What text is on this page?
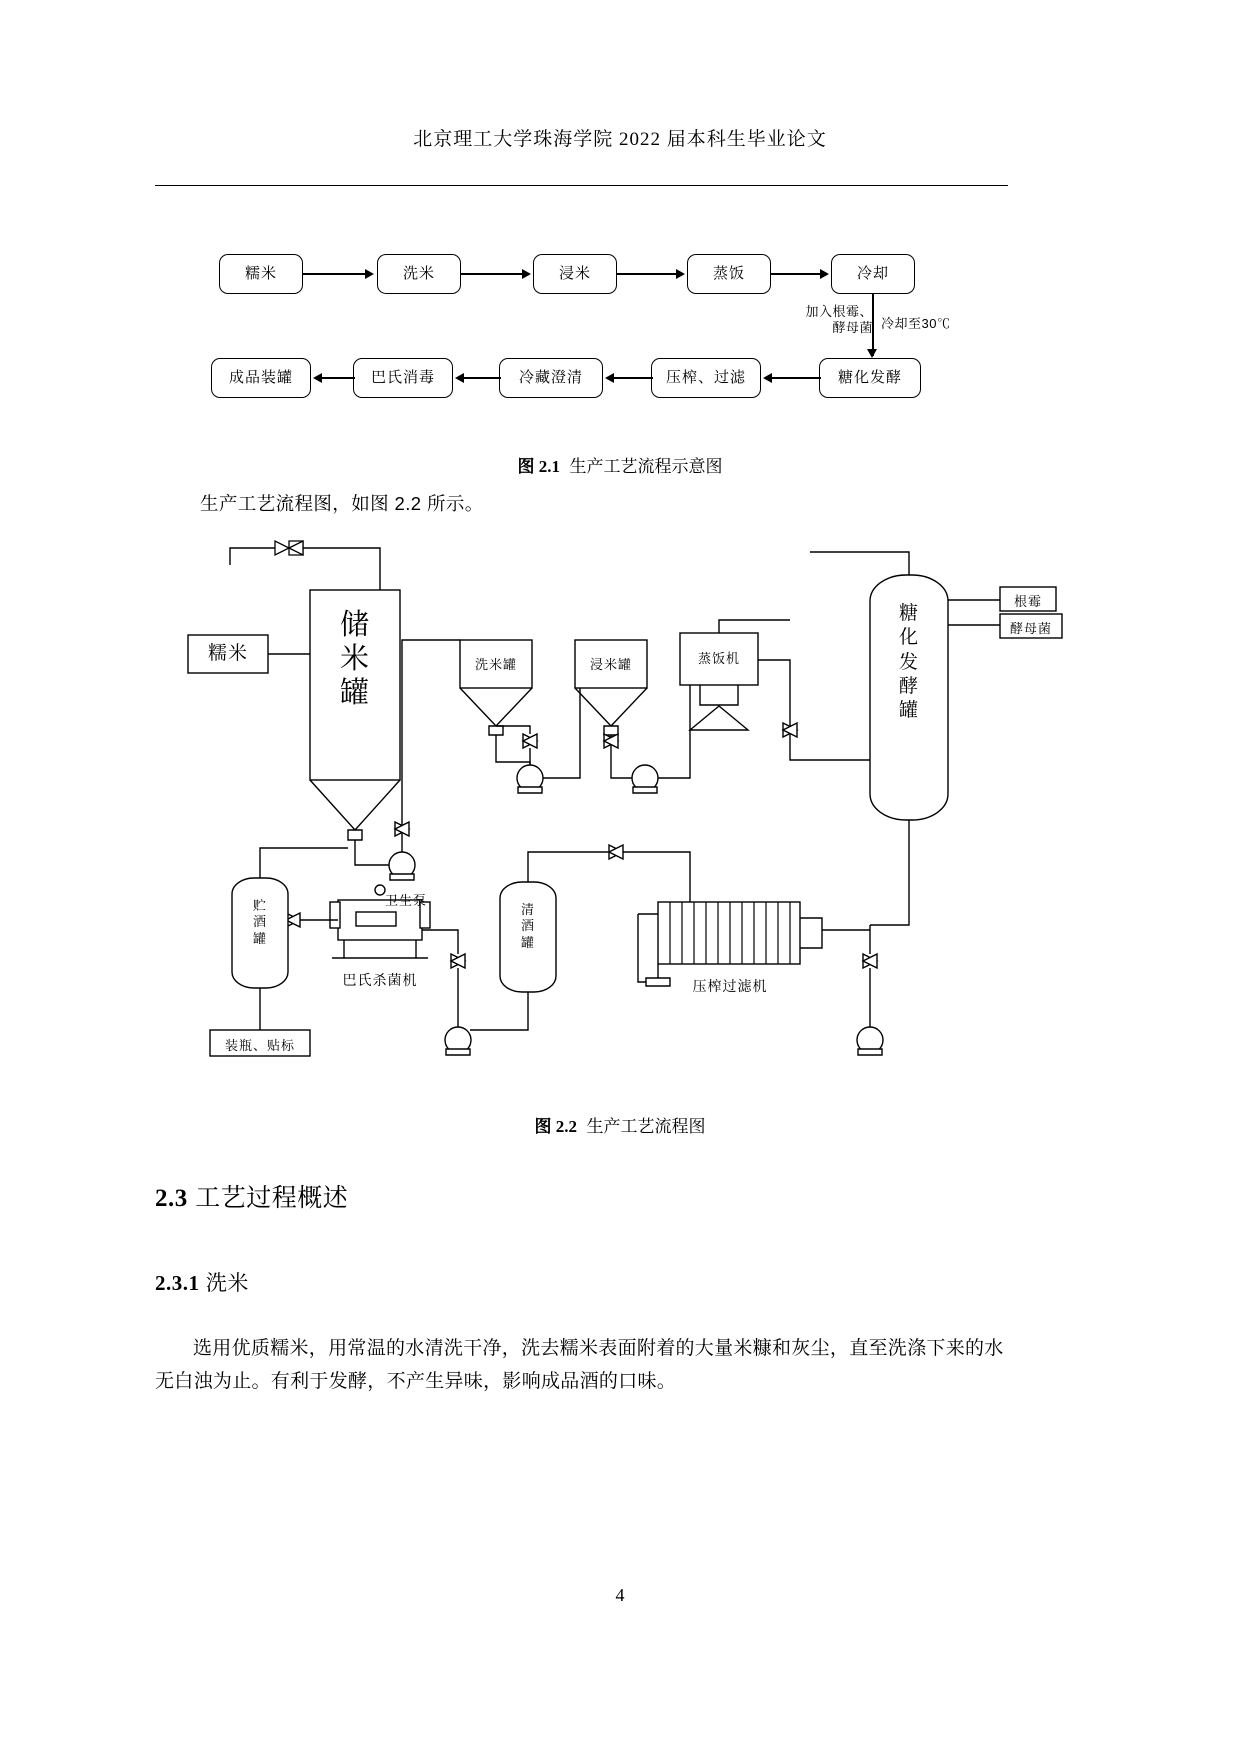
北京理工大学珠海学院 2022 届本科生毕业论文
糯米	洗米	浸米	蒸饭	冷却
糖化发酵
压榨、过滤
冷藏澄清
巴氏消毒
成品装罐
加入根霉、
酵母菌 冷却至30℃
图 2.1 生产工艺流程示意图
生产工艺流程图，如图 2.2 所示。
糯米
储
米
罐
洗米罐	浸米罐	蒸饭机
糖
化
发
酵
罐
根霉
酵母菌
卫生泵
贮
酒
罐
巴氏杀菌机
清
酒
罐
压榨过滤机
装瓶、贴标
图 2.2 生产工艺流程图
2.3 工艺过程概述
2.3.1 洗米
选用优质糯米，用常温的水清洗干净，洗去糯米表面附着的大量米糠和灰尘，直至洗涤下来的水无白浊为止。有利于发酵，不产生异味，影响成品酒的口味。
4
